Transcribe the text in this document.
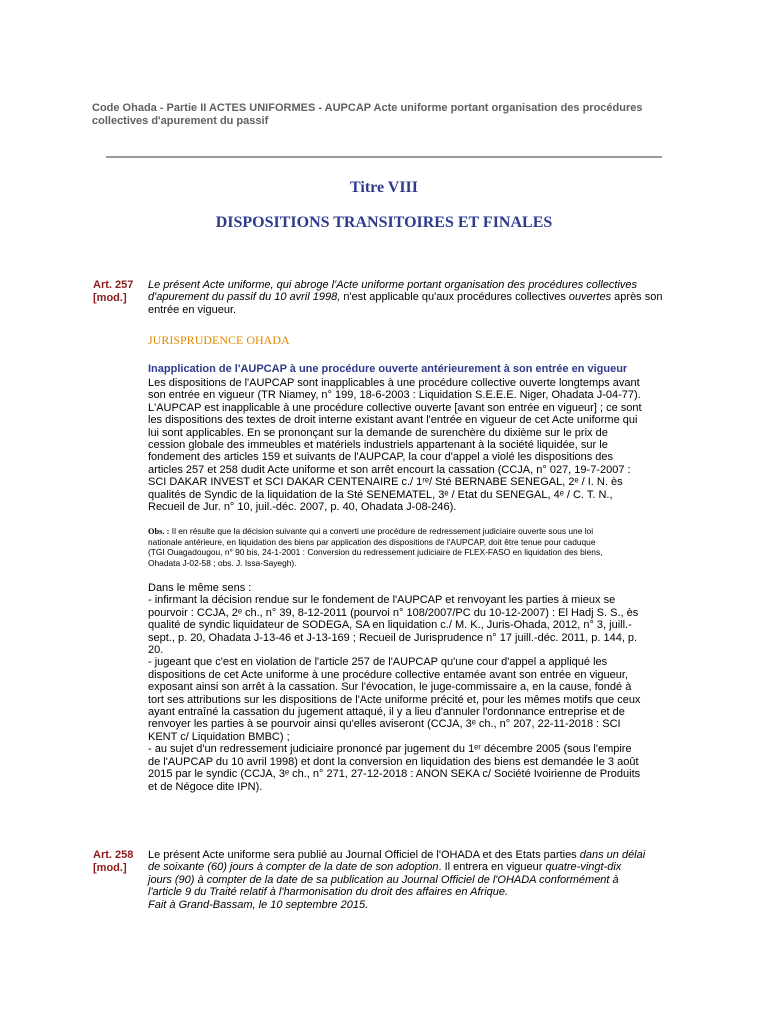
Code Ohada - Partie II ACTES UNIFORMES - AUPCAP Acte uniforme portant organisation des procédures collectives d'apurement du passif
Titre VIII
DISPOSITIONS TRANSITOIRES ET FINALES
Art. 257
[mod.]
Le présent Acte uniforme, qui abroge l'Acte uniforme portant organisation des procédures collectives d'apurement du passif du 10 avril 1998, n'est applicable qu'aux procédures collectives ouvertes après son entrée en vigueur.
JURISPRUDENCE OHADA
Inapplication de l'AUPCAP à une procédure ouverte antérieurement à son entrée en vigueur

Les dispositions de l'AUPCAP sont inapplicables à une procédure collective ouverte longtemps avant

son entrée en vigueur (TR Niamey, n° 199, 18-6-2003 : Liquidation S.E.E.E. Niger, Ohadata J-04-77).

L'AUPCAP est inapplicable à une procédure collective ouverte [avant son entrée en vigueur] ; ce sont

les dispositions des textes de droit interne existant avant l'entrée en vigueur de cet Acte uniforme qui

lui sont applicables. En se prononçant sur la demande de surenchère du dixième sur le prix de

cession globale des immeubles et matériels industriels appartenant à la société liquidée, sur le

fondement des articles 159 et suivants de l'AUPCAP, la cour d'appel a violé les dispositions des

articles 257 et 258 dudit Acte uniforme et son arrêt encourt la cassation (CCJA, n° 027, 19-7-2007 :

SCI DAKAR INVEST et SCI DAKAR CENTENAIRE c./ 1ʳᵉ/ Sté BERNABE SENEGAL, 2ᵉ / I. N. ès

qualités de Syndic de la liquidation de la Sté SENEMATEL, 3ᵉ / Etat du SENEGAL, 4ᵉ / C. T. N.,

Recueil de Jur. n° 10, juil.-déc. 2007, p. 40, Ohadata J-08-246).

Obs. : Il en résulte que la décision suivante qui a converti une procédure de redressement judiciaire ouverte sous une loi

nationale antérieure, en liquidation des biens par application des dispositions de l'AUPCAP, doit être tenue pour caduque

(TGI Ouagadougou, n° 90 bis, 24-1-2001 : Conversion du redressement judiciaire de FLEX-FASO en liquidation des biens,

Ohadata J-02-58 ; obs. J. Issa-Sayegh).

Dans le même sens :

- infirmant la décision rendue sur le fondement de l'AUPCAP et renvoyant les parties à mieux se

pourvoir : CCJA, 2ᵉ ch., n° 39, 8-12-2011 (pourvoi n° 108/2007/PC du 10-12-2007) : El Hadj S. S., ès

qualité de syndic liquidateur de SODEGA, SA en liquidation c./ M. K., Juris-Ohada, 2012, n° 3, juill.-

sept., p. 20, Ohadata J-13-46 et J-13-169 ; Recueil de Jurisprudence n° 17 juill.-déc. 2011, p. 144, p.

20.

- jugeant que c'est en violation de l'article 257 de l'AUPCAP qu'une cour d'appel a appliqué les

dispositions de cet Acte uniforme à une procédure collective entamée avant son entrée en vigueur,

exposant ainsi son arrêt à la cassation. Sur l'évocation, le juge-commissaire a, en la cause, fondé à

tort ses attributions sur les dispositions de l'Acte uniforme précité et, pour les mêmes motifs que ceux

ayant entraîné la cassation du jugement attaqué, il y a lieu d'annuler l'ordonnance entreprise et de

renvoyer les parties à se pourvoir ainsi qu'elles aviseront (CCJA, 3ᵉ ch., n° 207, 22-11-2018 : SCI

KENT c/ Liquidation BMBC) ;

- au sujet d'un redressement judiciaire prononcé par jugement du 1ᵉʳ décembre 2005 (sous l'empire

de l'AUPCAP du 10 avril 1998) et dont la conversion en liquidation des biens est demandée le 3 août

2015 par le syndic (CCJA, 3ᵉ ch., n° 271, 27-12-2018 : ANON SEKA c/ Société Ivoirienne de Produits

et de Négoce dite IPN).

Art. 258
[mod.]

Le présent Acte uniforme sera publié au Journal Officiel de l'OHADA et des Etats parties dans un délai

de soixante (60) jours à compter de la date de son adoption. Il entrera en vigueur quatre-vingt-dix

jours (90) à compter de la date de sa publication au Journal Officiel de l'OHADA conformément à

l'article 9 du Traité relatif à l'harmonisation du droit des affaires en Afrique.

Fait à Grand-Bassam, le 10 septembre 2015.
